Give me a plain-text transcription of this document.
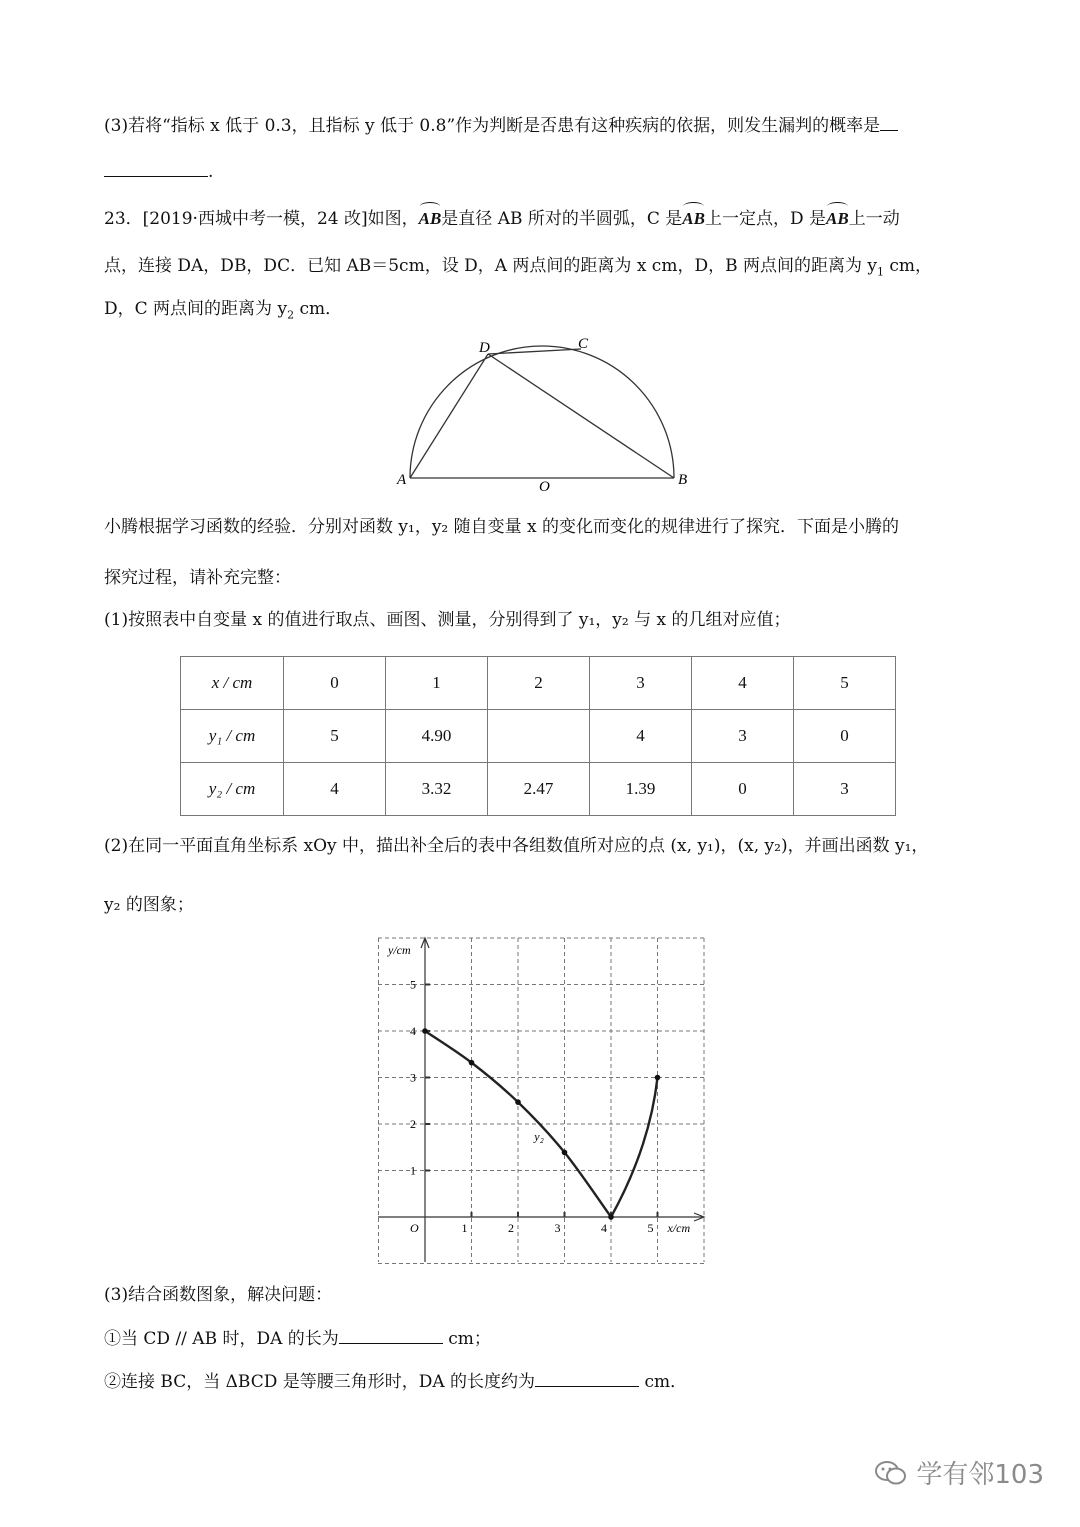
(3)若将“指标 x 低于 0.3，且指标 y 低于 0.8”作为判断是否患有这种疾病的依据，则发生漏判的概率是
.
23．[2019·西城中考一模，24 改]如图，AB是直径 AB 所对的半圆弧，C 是AB上一定点，D 是AB上一动
点，连接 DA，DB，DC．已知 AB＝5cm，设 D，A 两点间的距离为 x cm，D，B 两点间的距离为 $y_1$ cm，
D，C 两点间的距离为 $y_2$ cm．
A	B
D	C
O
小腾根据学习函数的经验．分别对函数 y₁，y₂ 随自变量 x 的变化而变化的规律进行了探究．下面是小腾的
探究过程，请补充完整：
(1)按照表中自变量 x 的值进行取点、画图、测量，分别得到了 y₁，y₂ 与 x 的几组对应值；
x / cm	0	1	2	3	4	5
y₁ / cm	5	4.90		4	3	0
y₂ / cm	4	3.32	2.47	1.39	0	3
(2)在同一平面直角坐标系 xOy 中，描出补全后的表中各组数值所对应的点 (x, y₁)，(x, y₂)，并画出函数 y₁，
y₂ 的图象；
1	2	3	4	5
1
2
3
4
5
O
y/cm
x/cm
y₂
(3)结合函数图象，解决问题：
①当 CD // AB 时，DA 的长为	cm；
②连接 BC，当 ΔBCD 是等腰三角形时，DA 的长度约为	cm．
学有邻103
